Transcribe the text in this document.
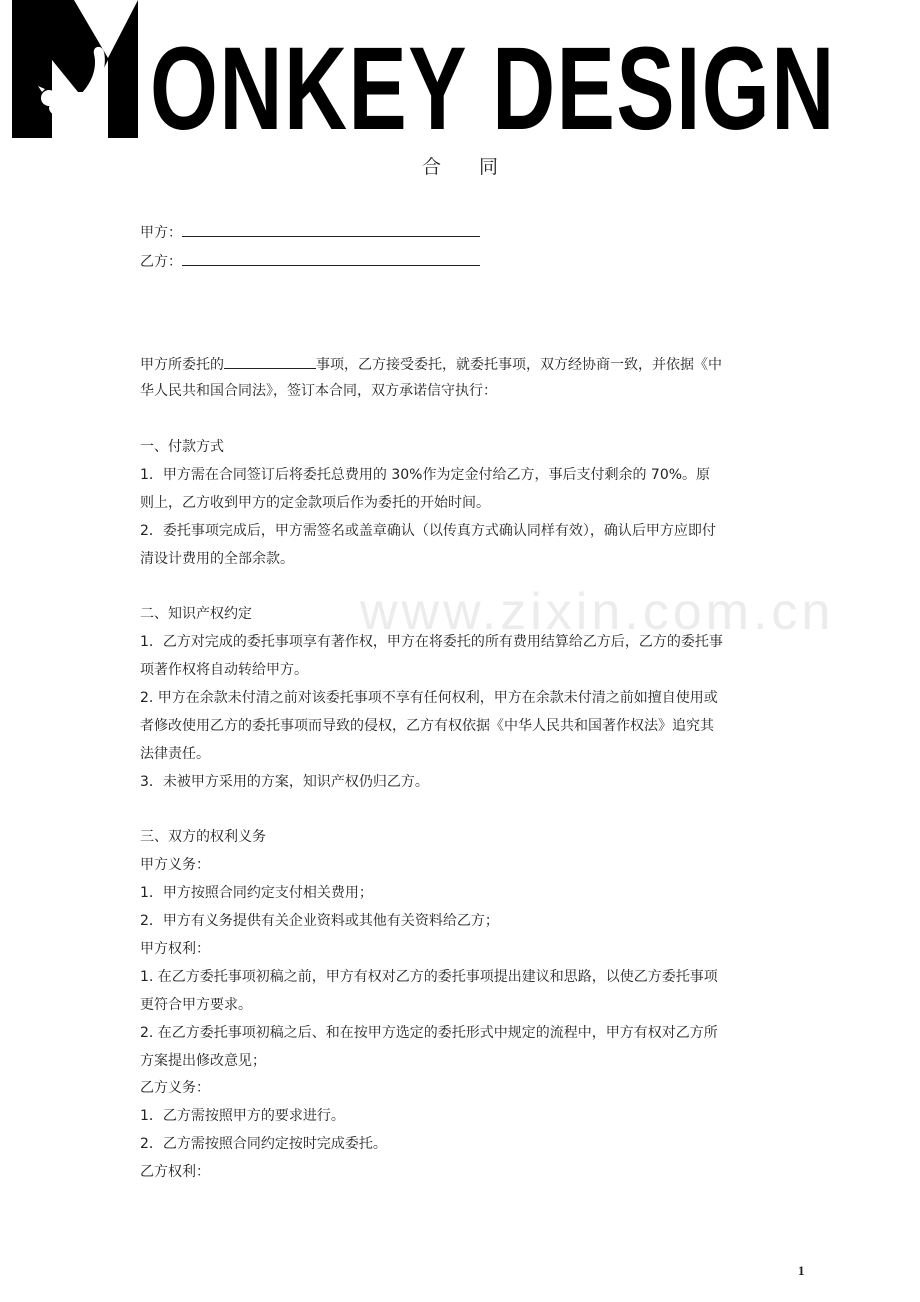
ONKEY DESIGN
合同
甲方：
乙方：
www.zixin.com.cn
甲方所委托的	事项，乙方接受委托，就委托事项，双方经协商一致，并依据《中
华人民共和国合同法》，签订本合同，双方承诺信守执行：
一、付款方式
1．甲方需在合同签订后将委托总费用的 30%作为定金付给乙方，事后支付剩余的 70%。原
则上，乙方收到甲方的定金款项后作为委托的开始时间。
2．委托事项完成后，甲方需签名或盖章确认（以传真方式确认同样有效），确认后甲方应即付
清设计费用的全部余款。
二、知识产权约定
1．乙方对完成的委托事项享有著作权，甲方在将委托的所有费用结算给乙方后，乙方的委托事
项著作权将自动转给甲方。
2. 甲方在余款未付清之前对该委托事项不享有任何权利，甲方在余款未付清之前如擅自使用或
者修改使用乙方的委托事项而导致的侵权，乙方有权依据《中华人民共和国著作权法》追究其
法律责任。
3．未被甲方采用的方案，知识产权仍归乙方。
三、双方的权利义务
甲方义务：
1．甲方按照合同约定支付相关费用；
2．甲方有义务提供有关企业资料或其他有关资料给乙方；
甲方权利：
1. 在乙方委托事项初稿之前，甲方有权对乙方的委托事项提出建议和思路，以使乙方委托事项
更符合甲方要求。
2. 在乙方委托事项初稿之后、和在按甲方选定的委托形式中规定的流程中，甲方有权对乙方所
方案提出修改意见；
乙方义务：
1．乙方需按照甲方的要求进行。
2．乙方需按照合同约定按时完成委托。
乙方权利：
1
